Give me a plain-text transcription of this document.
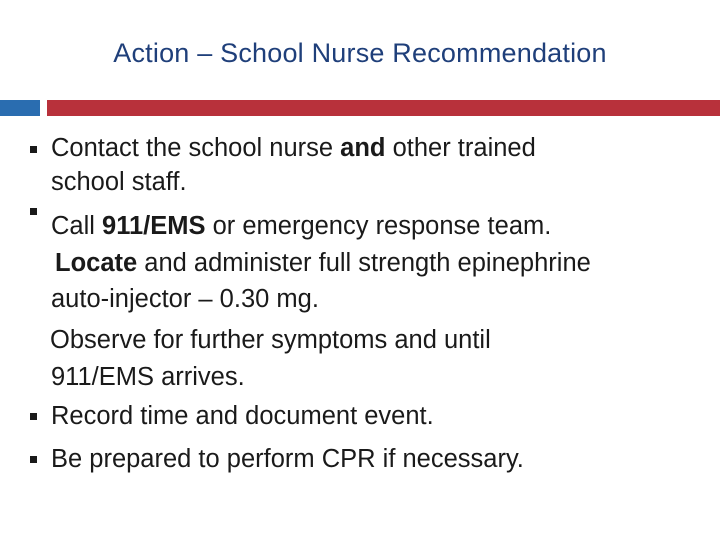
Action – School Nurse Recommendation
Contact the school nurse and other trained
school staff.
Call 911/EMS or emergency response team.
Locate and administer full strength epinephrine
auto-injector – 0.30 mg.
Observe for further symptoms and until
911/EMS arrives.
Record time and document event.
Be prepared to perform CPR if necessary.
